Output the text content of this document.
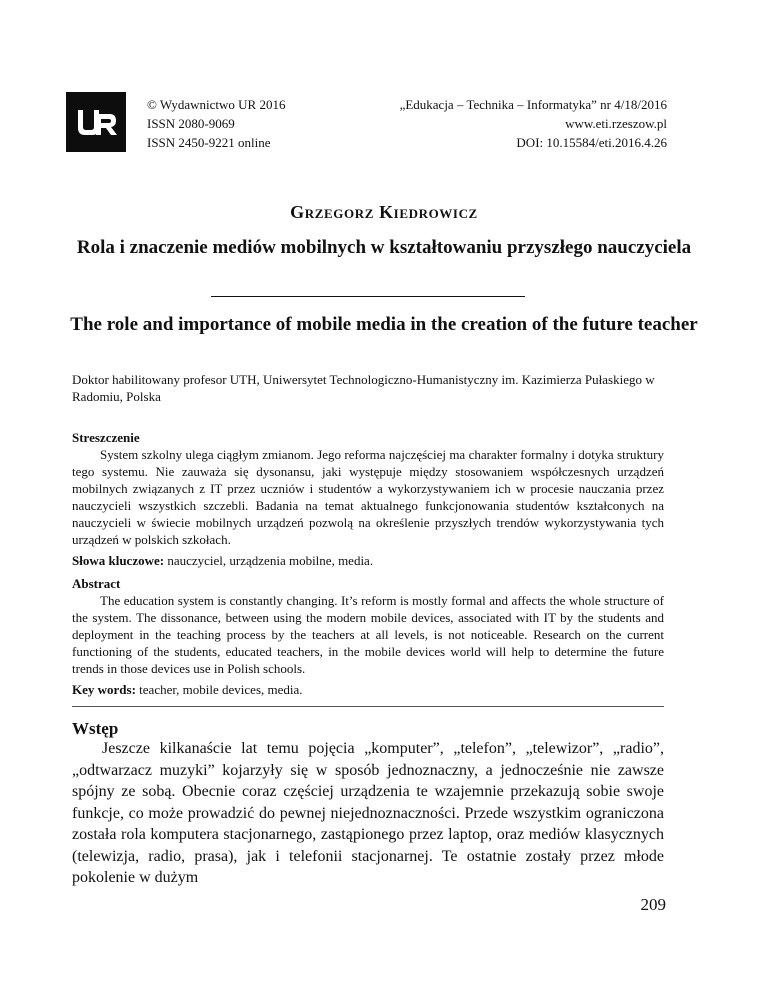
© Wydawnictwo UR 2016
ISSN 2080-9069
ISSN 2450-9221 online
„Edukacja – Technika – Informatyka” nr 4/18/2016
www.eti.rzeszow.pl
DOI: 10.15584/eti.2016.4.26
Grzegorz Kiedrowicz
Rola i znaczenie mediów mobilnych w kształtowaniu przyszłego nauczyciela
The role and importance of mobile media in the creation of the future teacher
Doktor habilitowany profesor UTH, Uniwersytet Technologiczno-Humanistyczny im. Kazimierza Pułaskiego w Radomiu, Polska
Streszczenie
System szkolny ulega ciągłym zmianom. Jego reforma najczęściej ma charakter formalny i dotyka struktury tego systemu. Nie zauważa się dysonansu, jaki występuje między stosowaniem współczesnych urządzeń mobilnych związanych z IT przez uczniów i studentów a wykorzystywaniem ich w procesie nauczania przez nauczycieli wszystkich szczebli. Badania na temat aktualnego funkcjonowania studentów kształconych na nauczycieli w świecie mobilnych urządzeń pozwolą na określenie przyszłych trendów wykorzystywania tych urządzeń w polskich szkołach.
Słowa kluczowe: nauczyciel, urządzenia mobilne, media.
Abstract
The education system is constantly changing. It’s reform is mostly formal and affects the whole structure of the system. The dissonance, between using the modern mobile devices, associated with IT by the students and deployment in the teaching process by the teachers at all levels, is not noticeable. Research on the current functioning of the students, educated teachers, in the mobile devices world will help to determine the future trends in those devices use in Polish schools.
Key words: teacher, mobile devices, media.
Wstęp
Jeszcze kilkanaście lat temu pojęcia „komputer”, „telefon”, „telewizor”, „radio”, „odtwarzacz muzyki” kojarzyły się w sposób jednoznaczny, a jednocześnie nie zawsze spójny ze sobą. Obecnie coraz częściej urządzenia te wzajemnie przekazują sobie swoje funkcje, co może prowadzić do pewnej niejednoznaczności. Przede wszystkim ograniczona została rola komputera stacjonarnego, zastąpionego przez laptop, oraz mediów klasycznych (telewizja, radio, prasa), jak i telefonii stacjonarnej. Te ostatnie zostały przez młode pokolenie w dużym
209
